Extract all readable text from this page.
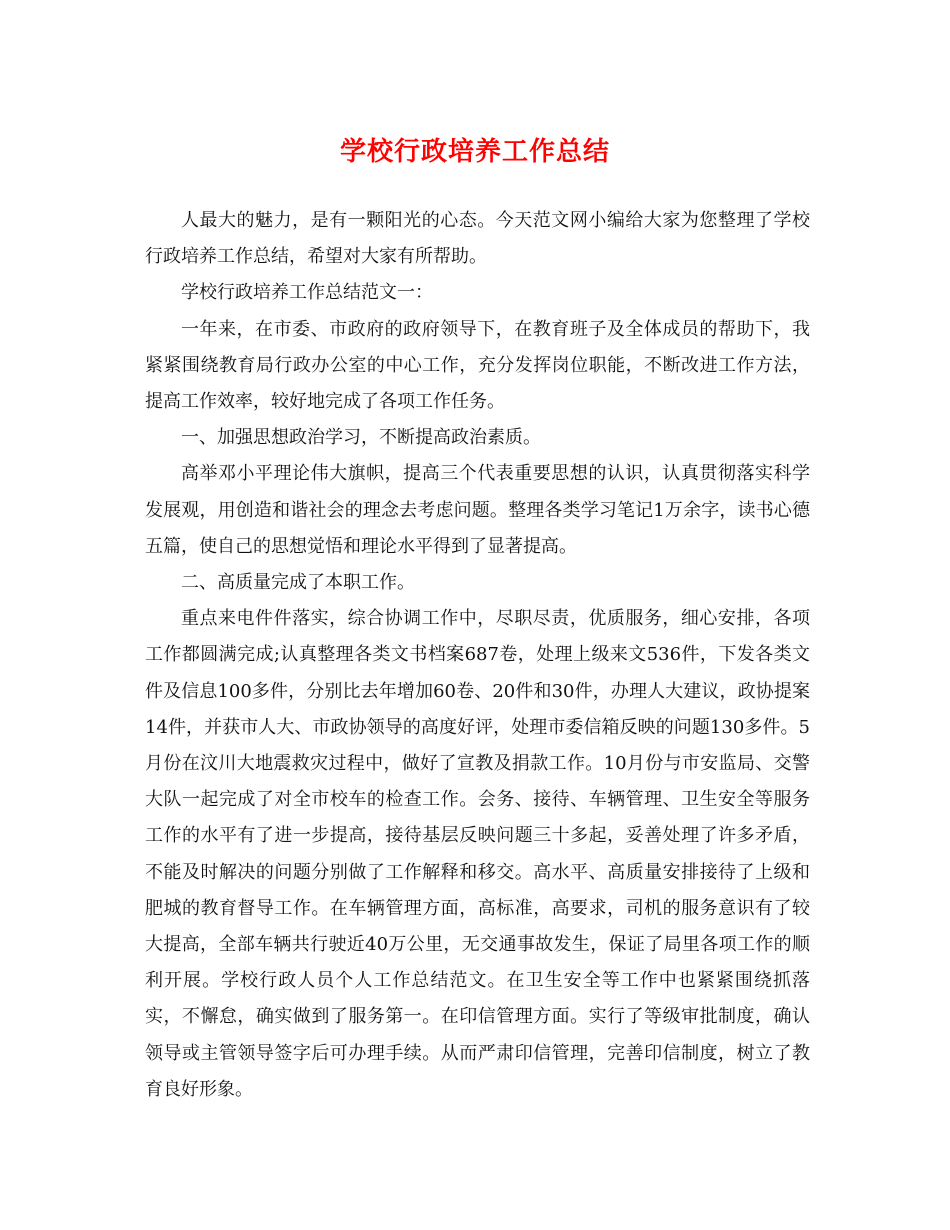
学校行政培养工作总结

人最大的魅力，是有一颗阳光的心态。今天范文网小编给大家为您整理了学校行政培养工作总结，希望对大家有所帮助。

学校行政培养工作总结范文一：

一年来，在市委、市政府的政府领导下，在教育班子及全体成员的帮助下，我紧紧围绕教育局行政办公室的中心工作，充分发挥岗位职能，不断改进工作方法，提高工作效率，较好地完成了各项工作任务。

一、加强思想政治学习，不断提高政治素质。

高举邓小平理论伟大旗帜，提高三个代表重要思想的认识，认真贯彻落实科学发展观，用创造和谐社会的理念去考虑问题。整理各类学习笔记1万余字，读书心德五篇，使自己的思想觉悟和理论水平得到了显著提高。

二、高质量完成了本职工作。

重点来电件件落实，综合协调工作中，尽职尽责，优质服务，细心安排，各项工作都圆满完成;认真整理各类文书档案687卷，处理上级来文536件，下发各类文件及信息100多件，分别比去年增加60卷、20件和30件，办理人大建议，政协提案14件，并获市人大、市政协领导的高度好评，处理市委信箱反映的问题130多件。5月份在汶川大地震救灾过程中，做好了宣教及捐款工作。10月份与市安监局、交警大队一起完成了对全市校车的检查工作。会务、接待、车辆管理、卫生安全等服务工作的水平有了进一步提高，接待基层反映问题三十多起，妥善处理了许多矛盾，不能及时解决的问题分别做了工作解释和移交。高水平、高质量安排接待了上级和肥城的教育督导工作。在车辆管理方面，高标准，高要求，司机的服务意识有了较大提高，全部车辆共行驶近40万公里，无交通事故发生，保证了局里各项工作的顺利开展。学校行政人员个人工作总结范文。在卫生安全等工作中也紧紧围绕抓落实，不懈怠，确实做到了服务第一。在印信管理方面。实行了等级审批制度，确认领导或主管领导签字后可办理手续。从而严肃印信管理，完善印信制度，树立了教育良好形象。
